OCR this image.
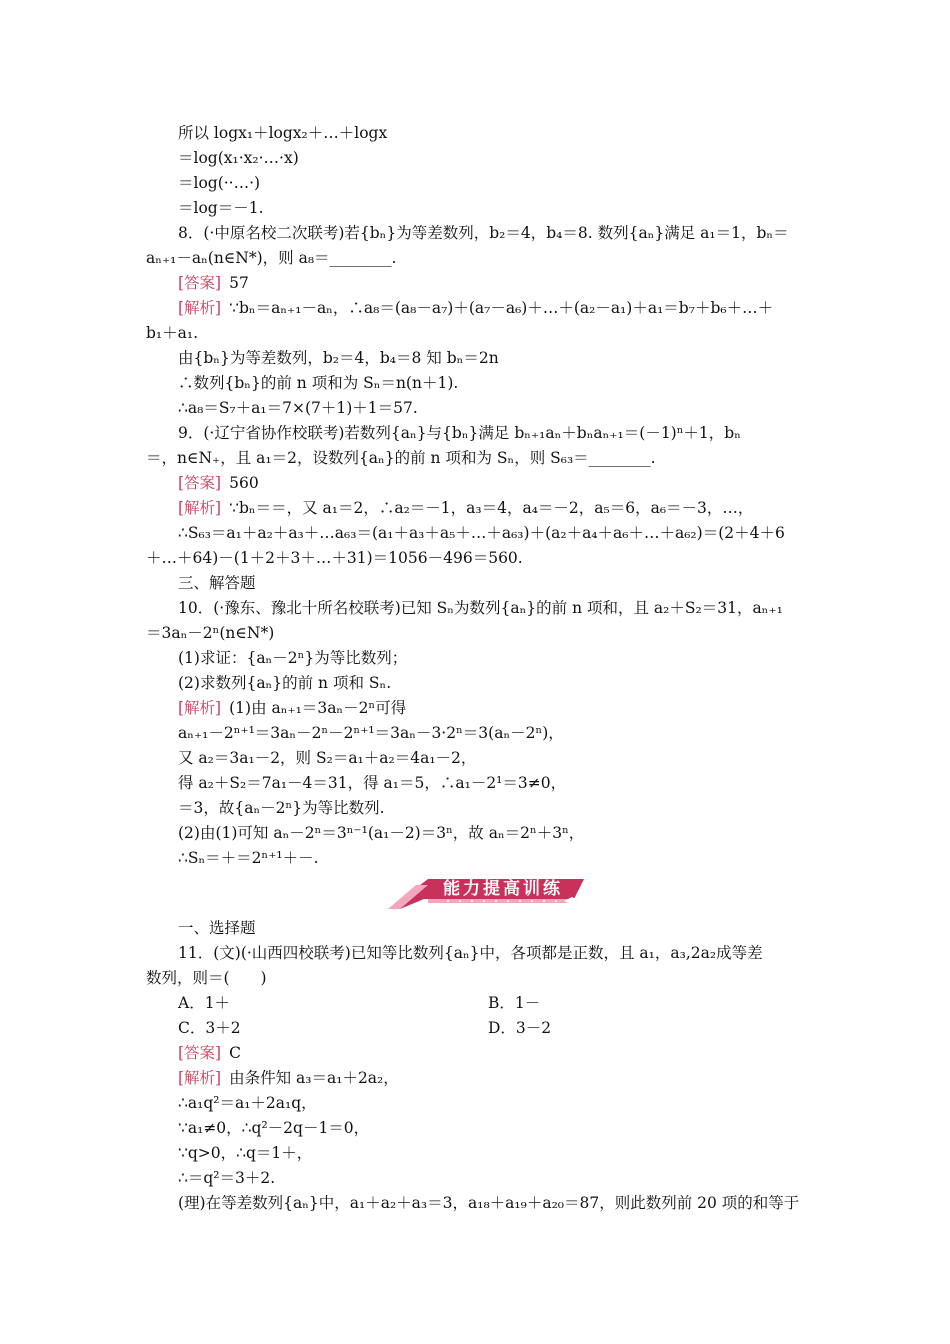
所以 logx₁＋logx₂＋…＋logx
＝log(x₁·x₂·…·x)
＝log(··…·)
＝log＝－1.
8．(·中原名校二次联考)若{bₙ}为等差数列，b₂＝4，b₄＝8. 数列{aₙ}满足 a₁＝1，bₙ＝
aₙ₊₁－aₙ(n∈N*)，则 a₈＝________.
[答案] 57
[解析] ∵bₙ＝aₙ₊₁－aₙ，∴a₈＝(a₈－a₇)＋(a₇－a₆)＋…＋(a₂－a₁)＋a₁＝b₇＋b₆＋…＋
b₁＋a₁.
由{bₙ}为等差数列，b₂＝4，b₄＝8 知 bₙ＝2n
∴数列{bₙ}的前 n 项和为 Sₙ＝n(n＋1).
∴a₈＝S₇＋a₁＝7×(7＋1)＋1＝57.
9．(·辽宁省协作校联考)若数列{aₙ}与{bₙ}满足 bₙ₊₁aₙ＋bₙaₙ₊₁＝(－1)ⁿ＋1，bₙ
＝，n∈N₊，且 a₁＝2，设数列{aₙ}的前 n 项和为 Sₙ，则 S₆₃＝________.
[答案] 560
[解析] ∵bₙ＝＝，又 a₁＝2，∴a₂＝－1，a₃＝4，a₄＝－2，a₅＝6，a₆＝－3，…，
∴S₆₃＝a₁＋a₂＋a₃＋…a₆₃＝(a₁＋a₃＋a₅＋…＋a₆₃)＋(a₂＋a₄＋a₆＋…＋a₆₂)＝(2＋4＋6
＋…＋64)－(1＋2＋3＋…＋31)＝1056－496＝560.
三、解答题
10．(·豫东、豫北十所名校联考)已知 Sₙ为数列{aₙ}的前 n 项和，且 a₂＋S₂＝31，aₙ₊₁
＝3aₙ－2ⁿ(n∈N*)
(1)求证：{aₙ－2ⁿ}为等比数列；
(2)求数列{aₙ}的前 n 项和 Sₙ.
[解析] (1)由 aₙ₊₁＝3aₙ－2ⁿ可得
aₙ₊₁－2ⁿ⁺¹＝3aₙ－2ⁿ－2ⁿ⁺¹＝3aₙ－3·2ⁿ＝3(aₙ－2ⁿ)，
又 a₂＝3a₁－2，则 S₂＝a₁＋a₂＝4a₁－2，
得 a₂＋S₂＝7a₁－4＝31，得 a₁＝5，∴a₁－2¹＝3≠0，
＝3，故{aₙ－2ⁿ}为等比数列.
(2)由(1)可知 aₙ－2ⁿ＝3ⁿ⁻¹(a₁－2)＝3ⁿ，故 aₙ＝2ⁿ＋3ⁿ，
∴Sₙ＝＋＝2ⁿ⁺¹＋－.
能力提高训练
一、选择题
11．(文)(·山西四校联考)已知等比数列{aₙ}中，各项都是正数，且 a₁，a₃,2a₂成等差
数列，则＝(　　)
A．1＋	B．1－
C．3＋2	D．3－2
[答案] C
[解析] 由条件知 a₃＝a₁＋2a₂，
∴a₁q²＝a₁＋2a₁q，
∵a₁≠0，∴q²－2q－1＝0，
∵q>0，∴q＝1＋，
∴＝q²＝3＋2.
(理)在等差数列{aₙ}中，a₁＋a₂＋a₃＝3，a₁₈＋a₁₉＋a₂₀＝87，则此数列前 20 项的和等于
